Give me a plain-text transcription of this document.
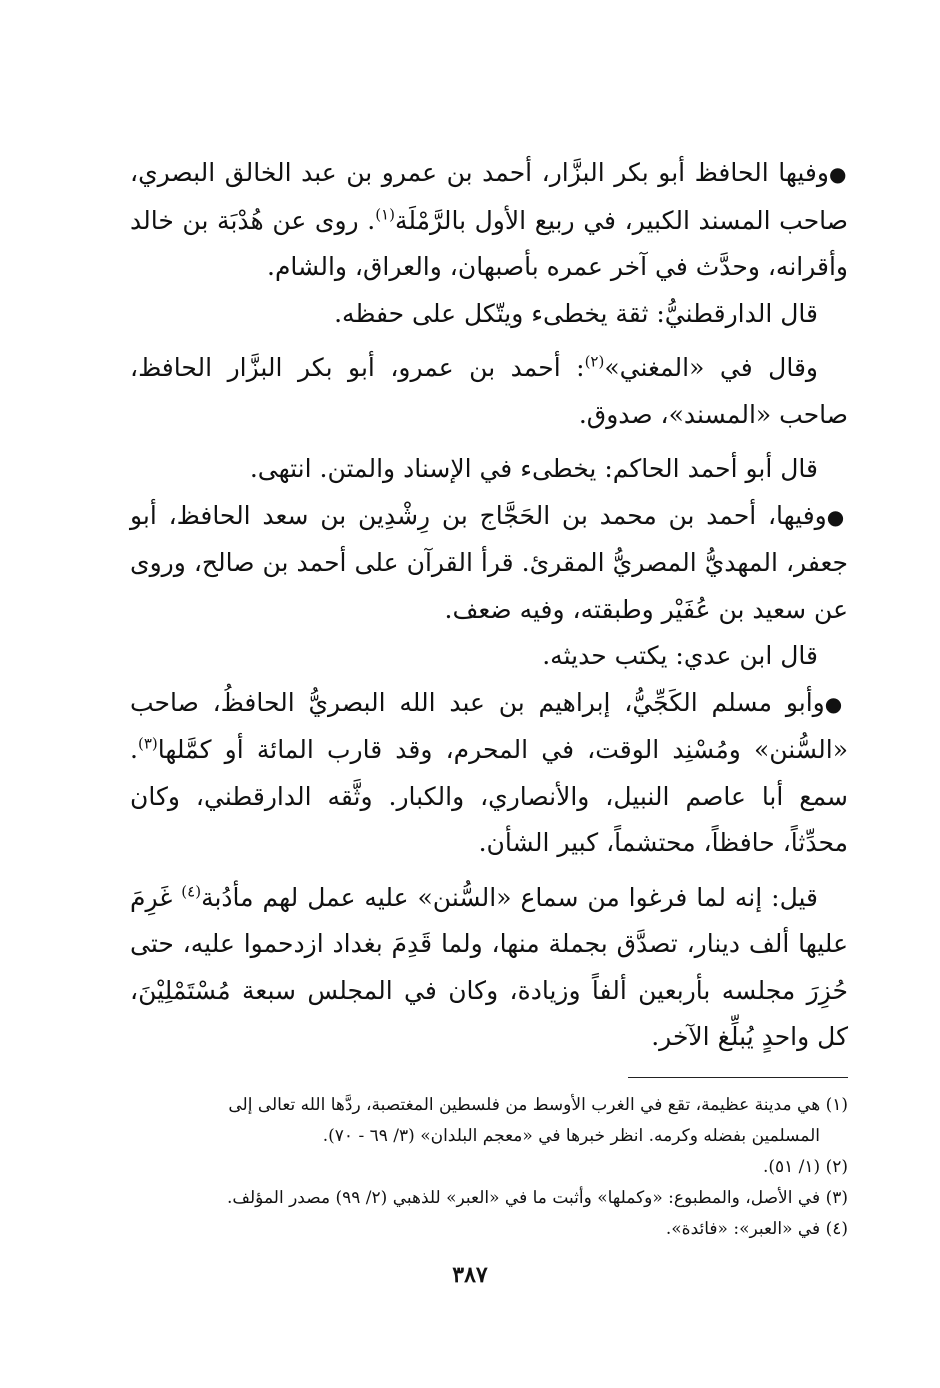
●وفيها الحافظ أبو بكر البزَّار، أحمد بن عمرو بن عبد الخالق البصري، صاحب المسند الكبير، في ربيع الأول بالرَّمْلَة$^{(١)}$. روى عن هُدْبَة بن خالد وأقرانه، وحدَّث في آخر عمره بأصبهان، والعراق، والشام.

قال الدارقطنيُّ: ثقة يخطىء ويتّكل على حفظه.

وقال في «المغني»$^{(٢)}$: أحمد بن عمرو، أبو بكر البزَّار الحافظ، صاحب «المسند»، صدوق.

قال أبو أحمد الحاكم: يخطىء في الإسناد والمتن. انتهى.

●وفيها، أحمد بن محمد بن الحَجَّاج بن رِشْدِين بن سعد الحافظ، أبو جعفر، المهديُّ المصريُّ المقرئ. قرأ القرآن على أحمد بن صالح، وروى عن سعيد بن عُفَيْر وطبقته، وفيه ضعف.

قال ابن عدي: يكتب حديثه.

●وأبو مسلم الكَجِّيُّ، إبراهيم بن عبد الله البصريُّ الحافظُ، صاحب «السُّنن» ومُسْنِد الوقت، في المحرم، وقد قارب المائة أو كمَّلها$^{(٣)}$. سمع أبا عاصم النبيل، والأنصاري، والكبار. وثَّقه الدارقطني، وكان محدِّثاً، حافظاً، محتشماً، كبير الشأن.

قيل: إنه لما فرغوا من سماع «السُّنن» عليه عمل لهم مأدُبة$^{(٤)}$ غَرِمَ عليها ألف دينار، تصدَّق بجملة منها، ولما قَدِمَ بغداد ازدحموا عليه، حتى حُزِرَ مجلسه بأربعين ألفاً وزيادة، وكان في المجلس سبعة مُسْتَمْلِيْنَ، كل واحدٍ يُبلِّغ الآخر.

(١) هي مدينة عظيمة، تقع في الغرب الأوسط من فلسطين المغتصبة، ردَّها الله تعالى إلى

المسلمين بفضله وكرمه. انظر خبرها في «معجم البلدان» (٣/ ٦٩ - ٧٠).

(٢) (١/ ٥١).

(٣) في الأصل، والمطبوع: «وكملها» وأثبت ما في «العبر» للذهبي (٢/ ٩٩) مصدر المؤلف.

(٤) في «العبر»: «فائدة».

٣٨٧
